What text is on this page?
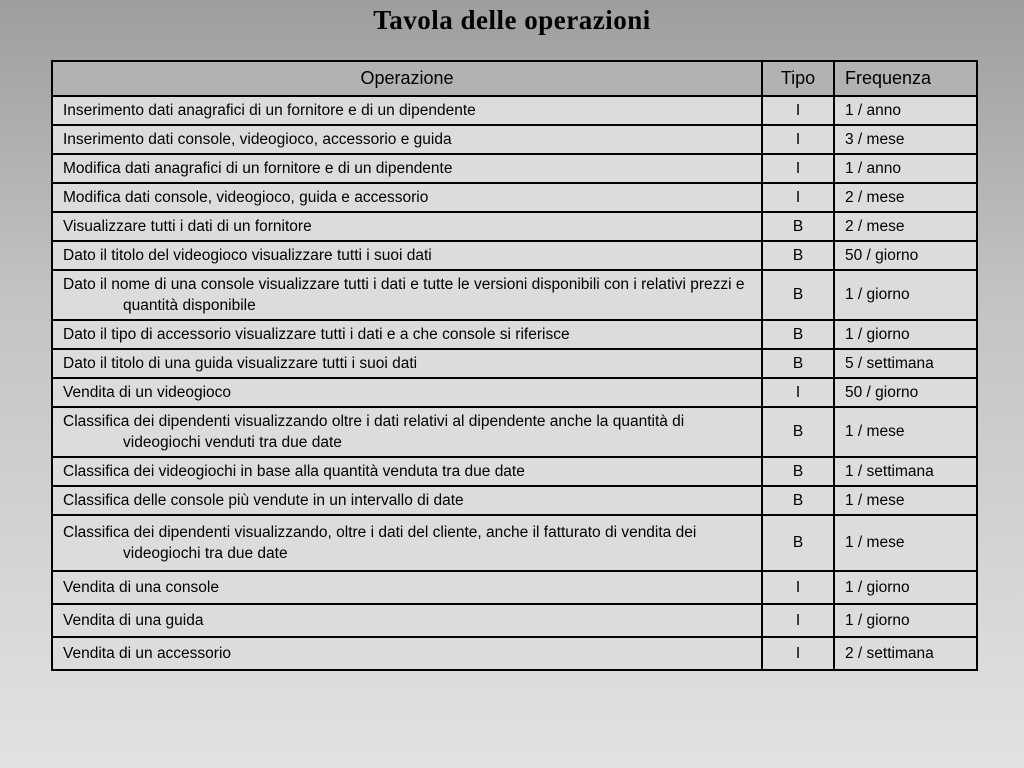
Tavola delle operazioni
Operazione	Tipo	Frequenza

Inserimento dati anagrafici di un fornitore e di un dipendente	I	1 / anno

Inserimento dati console, videogioco, accessorio e guida	I	3 / mese

Modifica dati anagrafici di un fornitore e di un dipendente	I	1 / anno

Modifica dati console, videogioco, guida e accessorio	I	2 / mese

Visualizzare tutti i dati di un fornitore	B	2 / mese

Dato il titolo del videogioco visualizzare tutti i suoi dati	B	50 / giorno

Dato il nome di una console visualizzare tutti i dati e tutte le versioni disponibili con i relativi prezzi e quantità disponibile	B	1 / giorno

Dato il tipo di accessorio visualizzare tutti i dati e a che console si riferisce	B	1 / giorno

Dato il titolo di una guida visualizzare tutti i suoi dati	B	5 / settimana

Vendita di un videogioco	I	50 / giorno

Classifica dei dipendenti visualizzando oltre i dati relativi al dipendente anche la quantità di videogiochi venduti tra due date	B	1 / mese

Classifica dei videogiochi in base alla quantità venduta tra due date	B	1 / settimana

Classifica delle console più vendute in un intervallo di date	B	1 / mese

Classifica dei dipendenti visualizzando, oltre i dati del cliente, anche il fatturato di vendita dei videogiochi tra due date	B	1 / mese

Vendita di una console	I	1 / giorno

Vendita di una guida	I	1 / giorno

Vendita di un accessorio	I	2 / settimana
